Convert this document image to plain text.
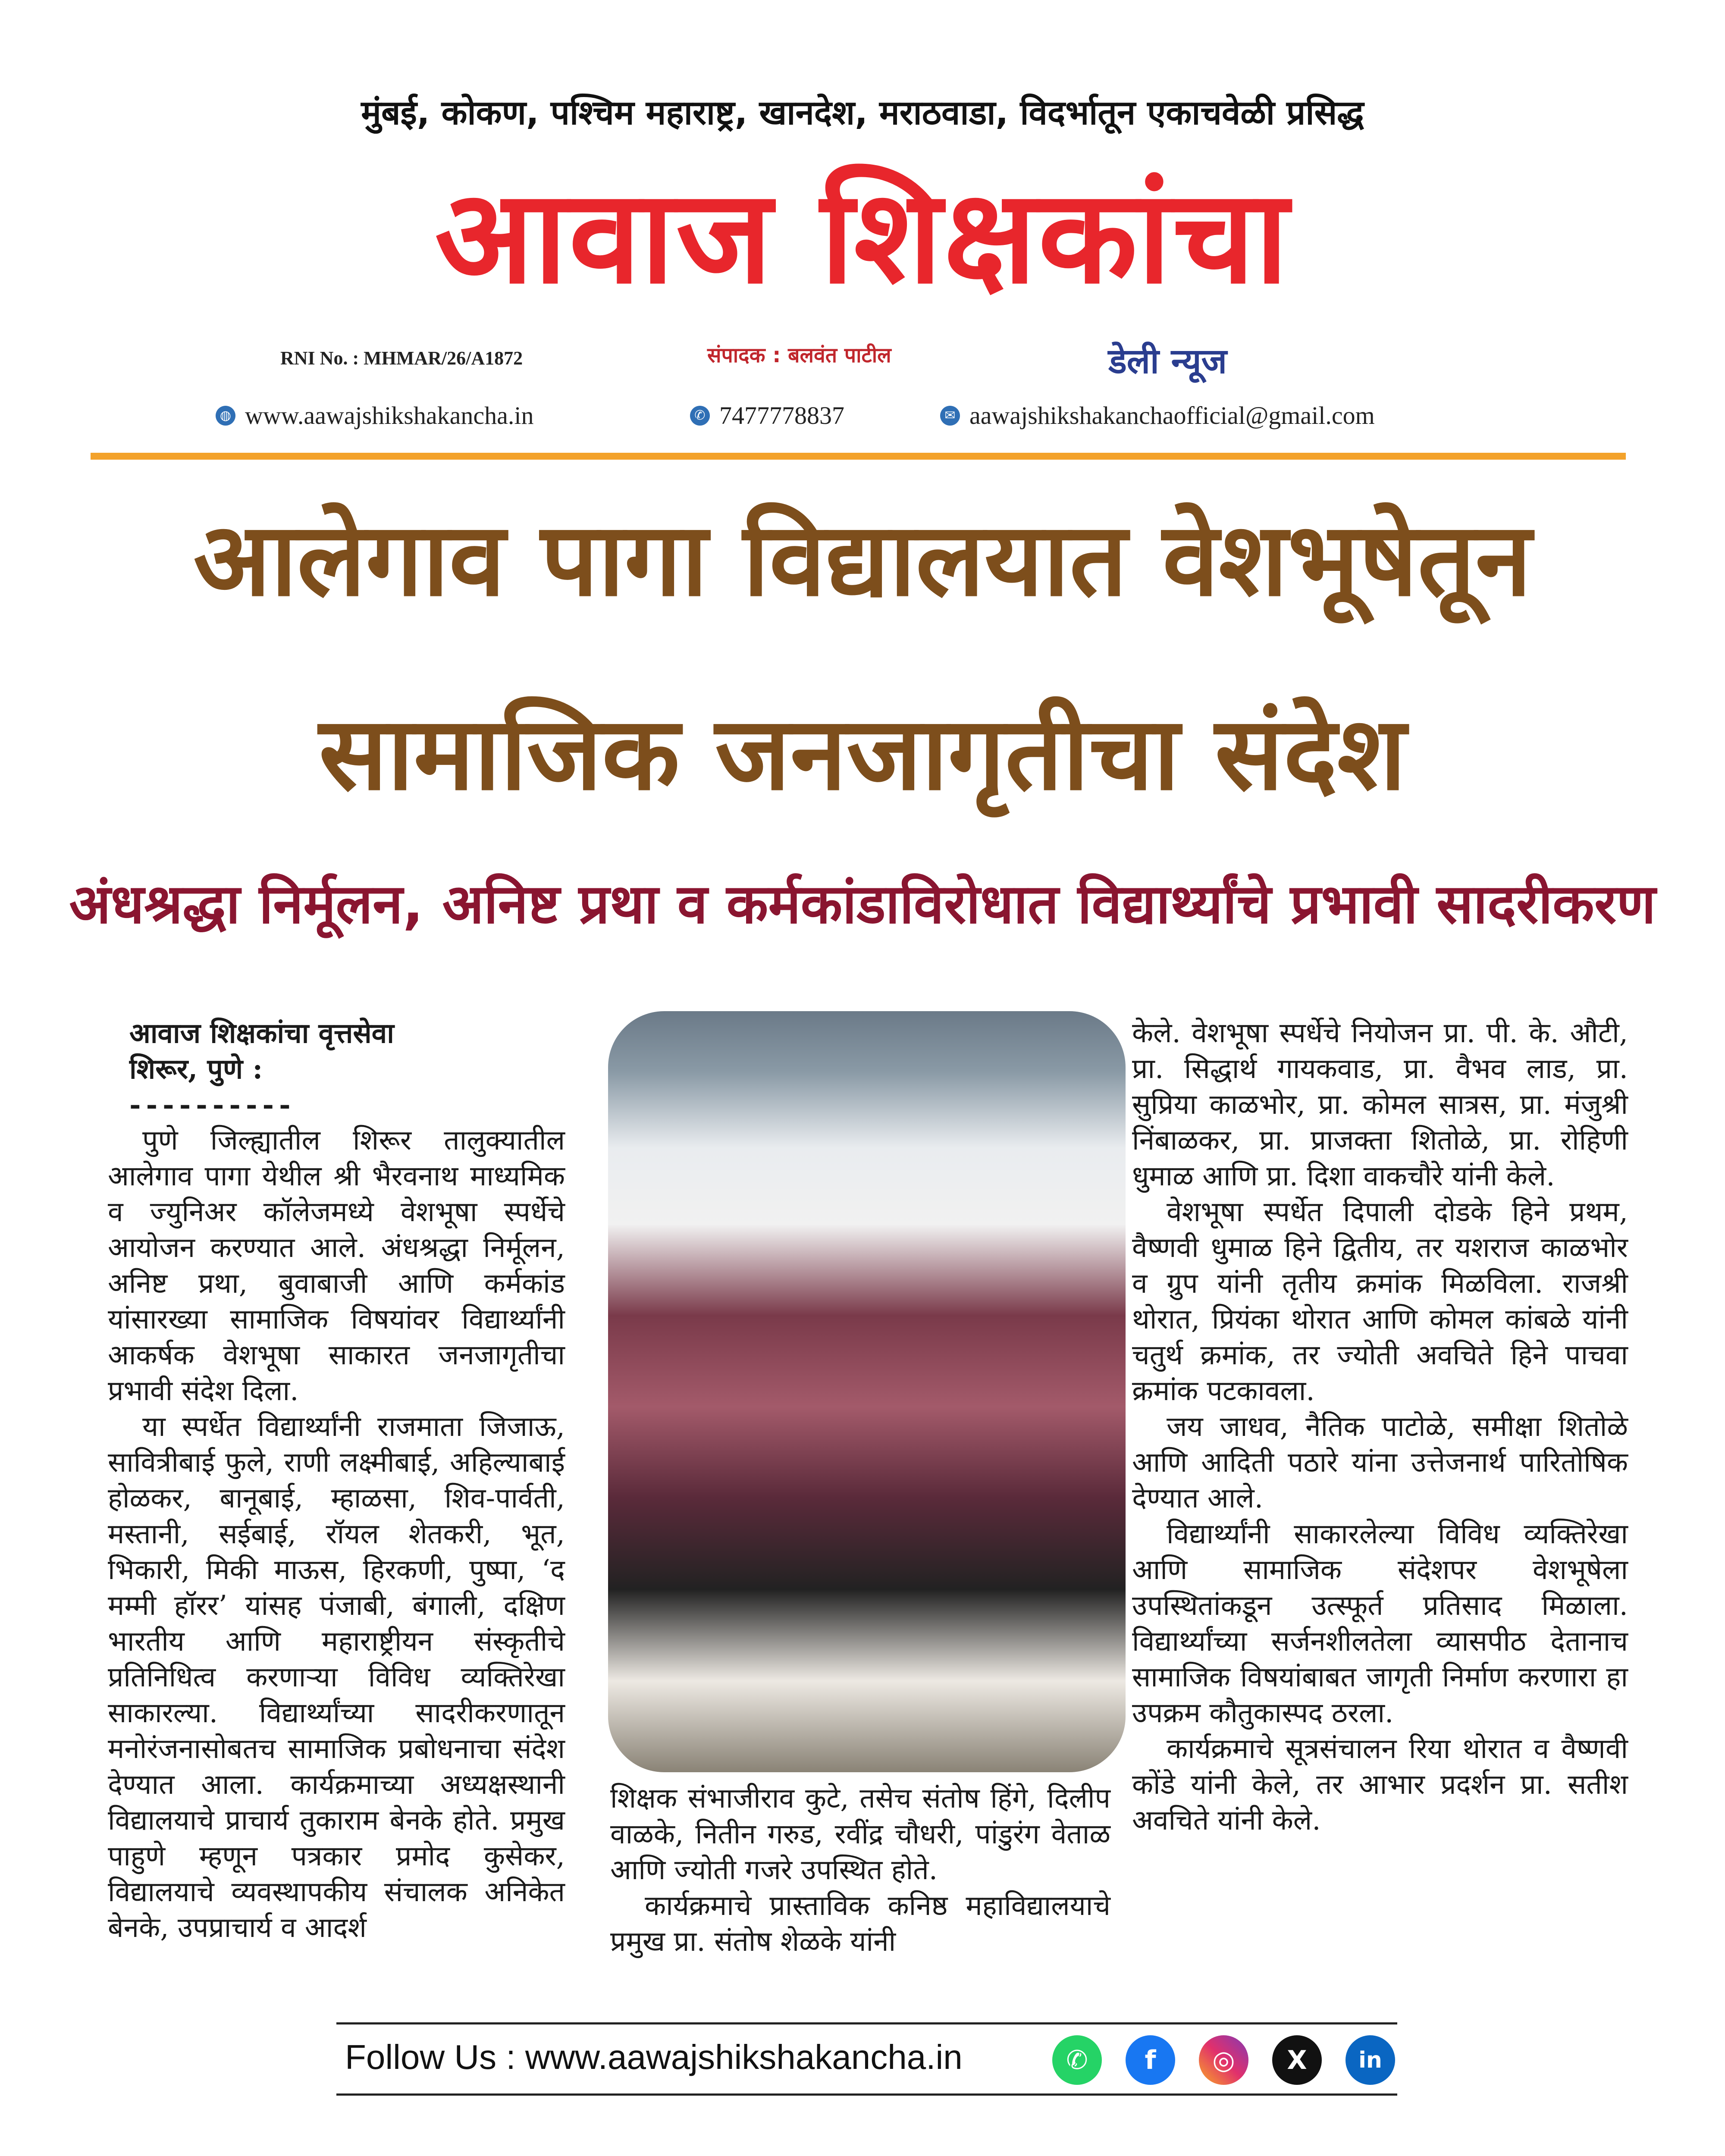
मुंबई, कोकण, पश्चिम महाराष्ट्र, खानदेश, मराठवाडा, विदर्भातून एकाचवेळी प्रसिद्ध
आवाज शिक्षकांचा
RNI No. : MHMAR/26/A1872	संपादक : बलवंत पाटील	डेली न्यूज
◍ www.aawajshikshakancha.in	✆ 7477778837	✉ aawajshikshakanchaofficial@gmail.com
आलेगाव पागा विद्यालयात वेशभूषेतून
सामाजिक जनजागृतीचा संदेश
अंधश्रद्धा निर्मूलन, अनिष्ट प्रथा व कर्मकांडाविरोधात विद्यार्थ्यांचे प्रभावी सादरीकरण

आवाज शिक्षकांचा वृत्तसेवा

शिरूर, पुणे :

----------

पुणे जिल्ह्यातील शिरूर तालुक्यातील आलेगाव पागा येथील श्री भैरवनाथ माध्यमिक व ज्युनिअर कॉलेजमध्ये वेशभूषा स्पर्धेचे आयोजन करण्यात आले. अंधश्रद्धा निर्मूलन, अनिष्ट प्रथा, बुवाबाजी आणि कर्मकांड यांसारख्या सामाजिक विषयांवर विद्यार्थ्यांनी आकर्षक वेशभूषा साकारत जनजागृतीचा प्रभावी संदेश दिला.

या स्पर्धेत विद्यार्थ्यांनी राजमाता जिजाऊ, सावित्रीबाई फुले, राणी लक्ष्मीबाई, अहिल्याबाई होळकर, बानूबाई, म्हाळसा, शिव-पार्वती, मस्तानी, सईबाई, रॉयल शेतकरी, भूत, भिकारी, मिकी माऊस, हिरकणी, पुष्पा, ‘द मम्मी हॉरर’ यांसह पंजाबी, बंगाली, दक्षिण भारतीय आणि महाराष्ट्रीयन संस्कृतीचे प्रतिनिधित्व करणाऱ्या विविध व्यक्तिरेखा साकारल्या. विद्यार्थ्यांच्या सादरीकरणातून मनोरंजनासोबतच सामाजिक प्रबोधनाचा संदेश देण्यात आला. कार्यक्रमाच्या अध्यक्षस्थानी विद्यालयाचे प्राचार्य तुकाराम बेनके होते. प्रमुख पाहुणे म्हणून पत्रकार प्रमोद कुसेकर, विद्यालयाचे व्यवस्थापकीय संचालक अनिकेत बेनके, उपप्राचार्य व आदर्श

शिक्षक संभाजीराव कुटे, तसेच संतोष हिंगे, दिलीप वाळके, नितीन गरुड, रवींद्र चौधरी, पांडुरंग वेताळ आणि ज्योती गजरे उपस्थित होते.

कार्यक्रमाचे प्रास्ताविक कनिष्ठ महाविद्यालयाचे प्रमुख प्रा. संतोष शेळके यांनी

केले. वेशभूषा स्पर्धेचे नियोजन प्रा. पी. के. औटी, प्रा. सिद्धार्थ गायकवाड, प्रा. वैभव लाड, प्रा. सुप्रिया काळभोर, प्रा. कोमल सात्रस, प्रा. मंजुश्री निंबाळकर, प्रा. प्राजक्ता शितोळे, प्रा. रोहिणी धुमाळ आणि प्रा. दिशा वाकचौरे यांनी केले.

वेशभूषा स्पर्धेत दिपाली दोडके हिने प्रथम, वैष्णवी धुमाळ हिने द्वितीय, तर यशराज काळभोर व ग्रुप यांनी तृतीय क्रमांक मिळविला. राजश्री थोरात, प्रियंका थोरात आणि कोमल कांबळे यांनी चतुर्थ क्रमांक, तर ज्योती अवचिते हिने पाचवा क्रमांक पटकावला.

जय जाधव, नैतिक पाटोळे, समीक्षा शितोळे आणि आदिती पठारे यांना उत्तेजनार्थ पारितोषिक देण्यात आले.

विद्यार्थ्यांनी साकारलेल्या विविध व्यक्तिरेखा आणि सामाजिक संदेशपर वेशभूषेला उपस्थितांकडून उत्स्फूर्त प्रतिसाद मिळाला. विद्यार्थ्यांच्या सर्जनशीलतेला व्यासपीठ देतानाच सामाजिक विषयांबाबत जागृती निर्माण करणारा हा उपक्रम कौतुकास्पद ठरला.

कार्यक्रमाचे सूत्रसंचालन रिया थोरात व वैष्णवी कोंडे यांनी केले, तर आभार प्रदर्शन प्रा. सतीश अवचिते यांनी केले.

Follow Us : www.aawajshikshakancha.in	✆	f	◎	X	in
